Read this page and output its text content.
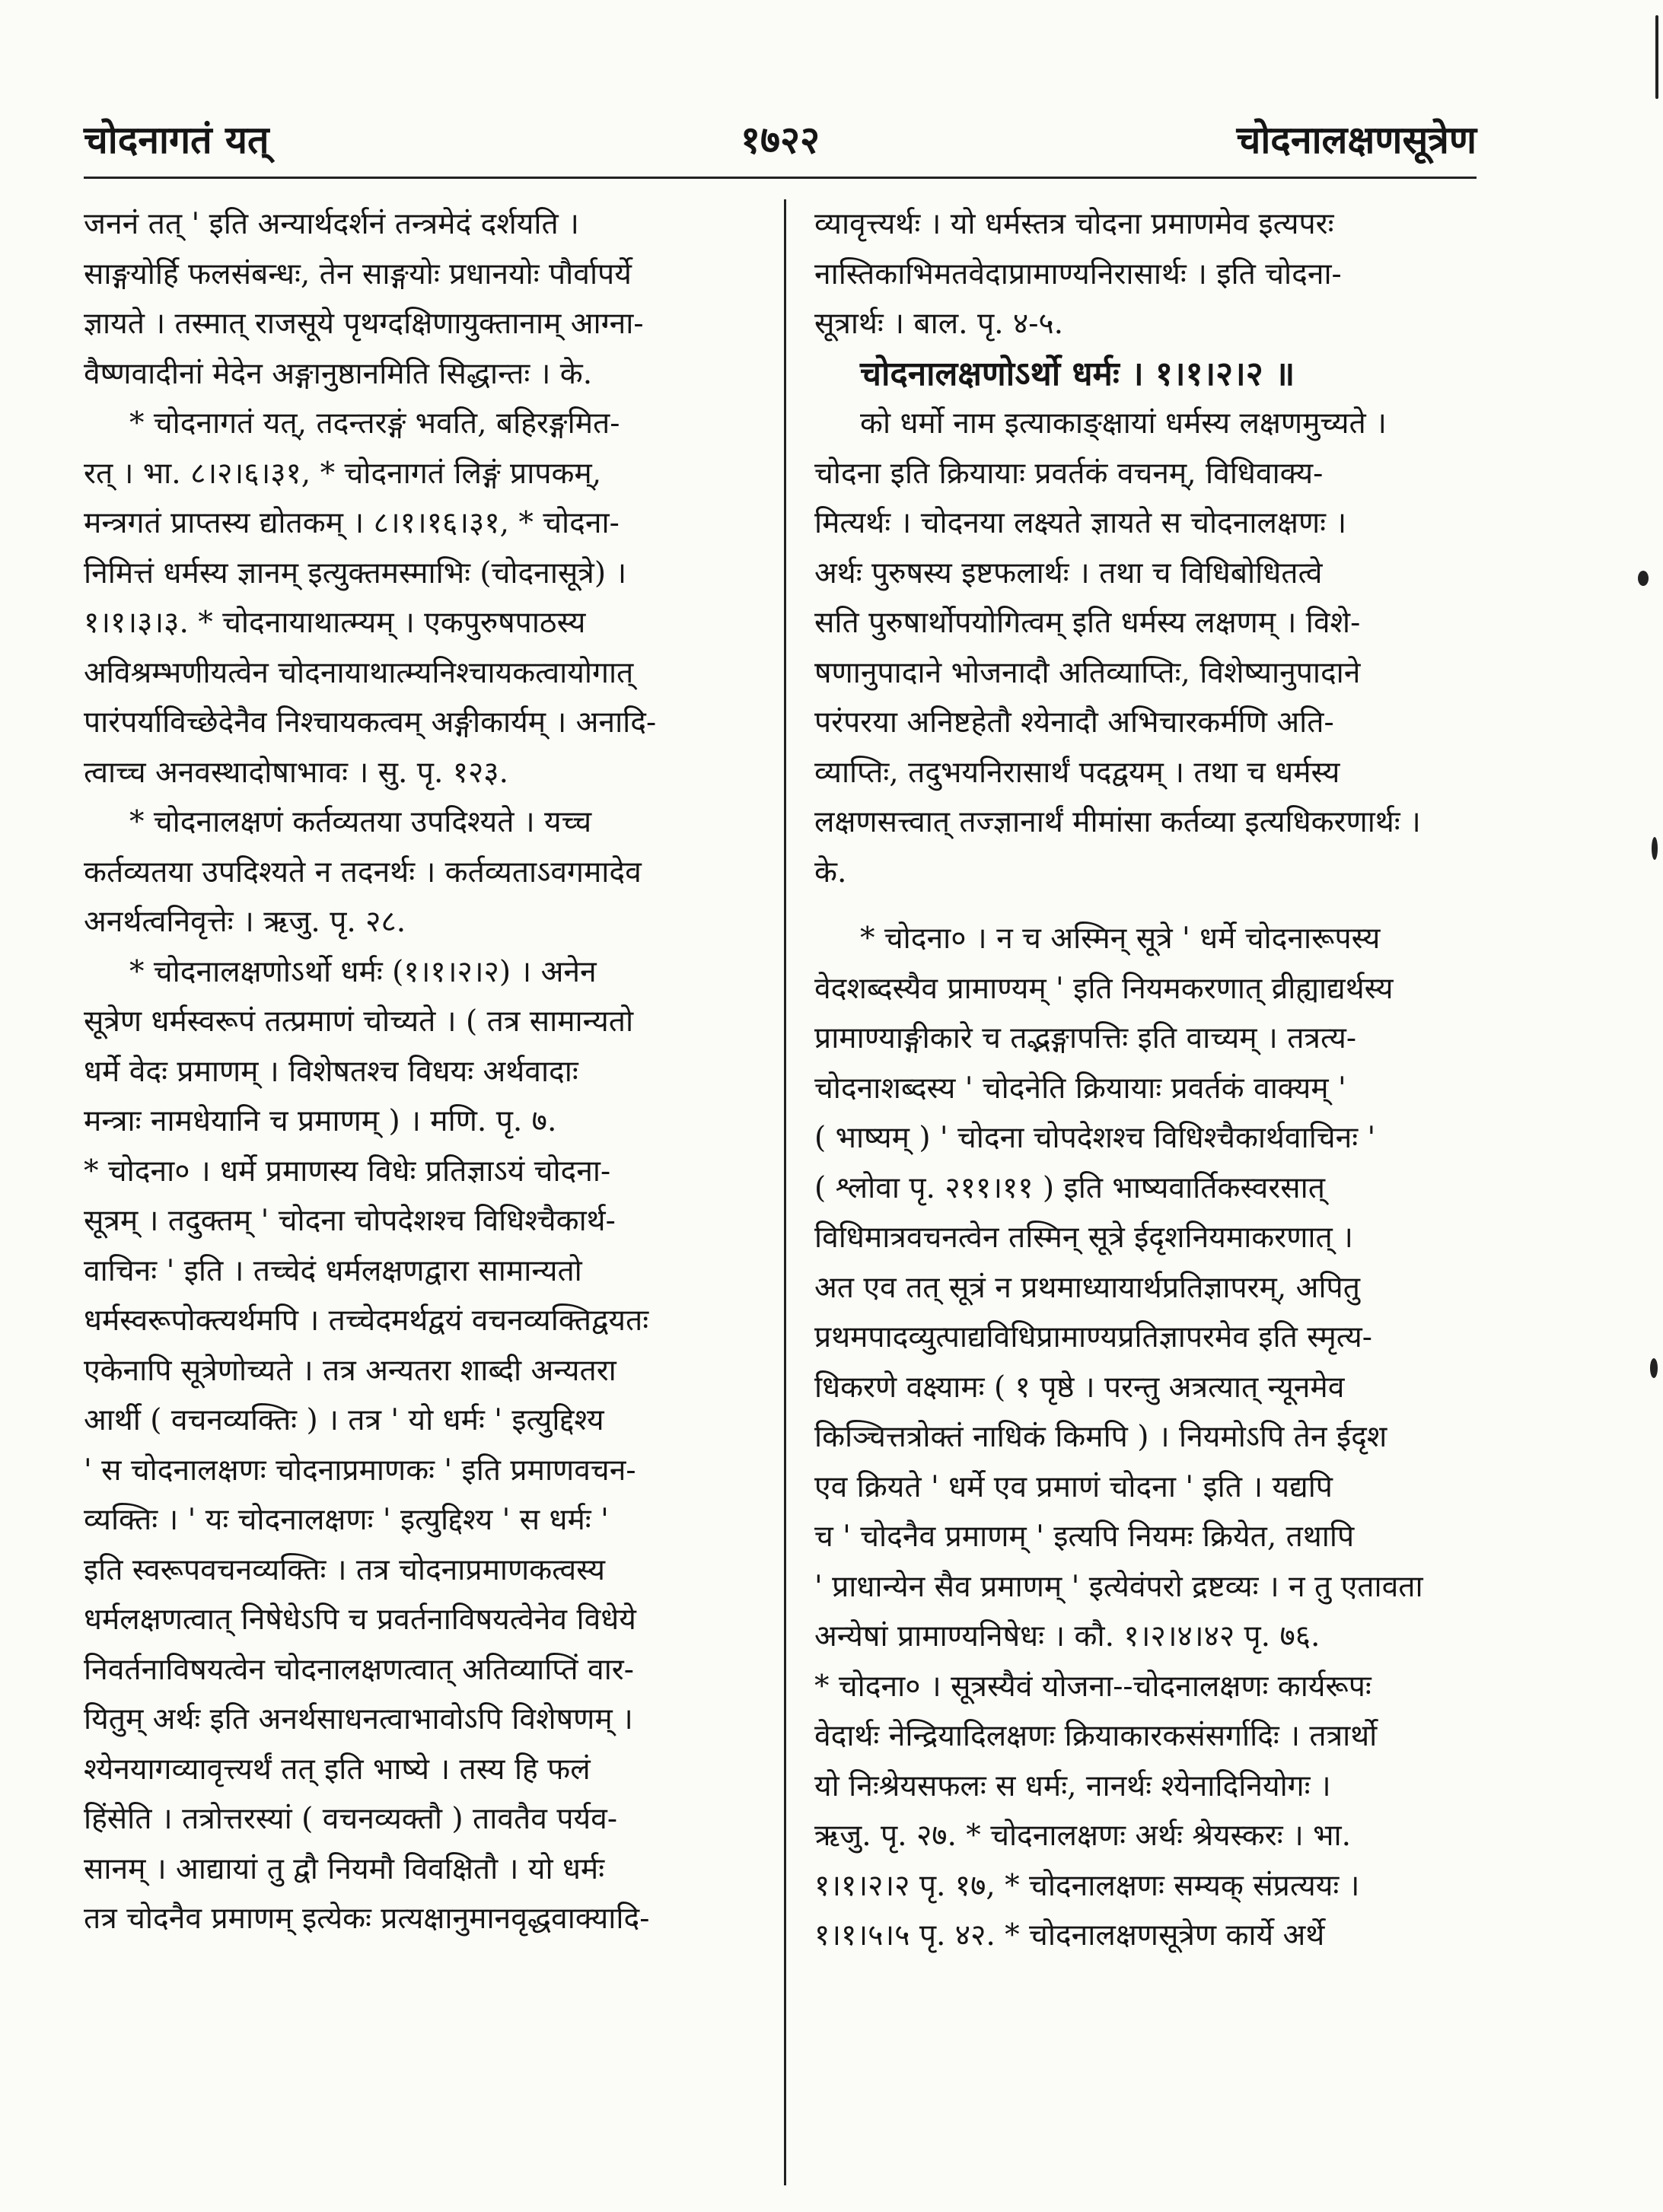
चोदनागतं यत्	१७२२	चोदनालक्षणसूत्रेण
जननं तत् ' इति अन्यार्थदर्शनं तन्त्रमेदं दर्शयति ।
साङ्गयोर्हि फलसंबन्धः, तेन साङ्गयोः प्रधानयोः पौर्वापर्ये
ज्ञायते । तस्मात् राजसूये पृथग्दक्षिणायुक्तानाम् आग्ना-
वैष्णवादीनां मेदेन अङ्गानुष्ठानमिति सिद्धान्तः । के.
* चोदनागतं यत्, तदन्तरङ्गं भवति, बहिरङ्गमित-
रत् । भा. ८।२।६।३१, * चोदनागतं लिङ्गं प्रापकम्,
मन्त्रगतं प्राप्तस्य द्योतकम् । ८।१।१६।३१, * चोदना-
निमित्तं धर्मस्य ज्ञानम् इत्युक्तमस्माभिः (चोदनासूत्रे) ।
१।१।३।३. * चोदनायाथात्म्यम् । एकपुरुषपाठस्य
अविश्रम्भणीयत्वेन चोदनायाथात्म्यनिश्चायकत्वायोगात्
पारंपर्याविच्छेदेनैव निश्चायकत्वम् अङ्गीकार्यम् । अनादि-
त्वाच्च अनवस्थादोषाभावः । सु. पृ. १२३.
* चोदनालक्षणं कर्तव्यतया उपदिश्यते । यच्च
कर्तव्यतया उपदिश्यते न तदनर्थः । कर्तव्यताऽवगमादेव
अनर्थत्वनिवृत्तेः । ऋजु. पृ. २८.
* चोदनालक्षणोऽर्थो धर्मः (१।१।२।२) । अनेन
सूत्रेण धर्मस्वरूपं तत्प्रमाणं चोच्यते । ( तत्र सामान्यतो
धर्मे वेदः प्रमाणम् । विशेषतश्च विधयः अर्थवादाः
मन्त्राः नामधेयानि च प्रमाणम् ) । मणि. पृ. ७.
* चोदना० । धर्मे प्रमाणस्य विधेः प्रतिज्ञाऽयं चोदना-
सूत्रम् । तदुक्तम् ' चोदना चोपदेशश्च विधिश्चैकार्थ-
वाचिनः ' इति । तच्चेदं धर्मलक्षणद्वारा सामान्यतो
धर्मस्वरूपोक्त्यर्थमपि । तच्चेदमर्थद्वयं वचनव्यक्तिद्वयतः
एकेनापि सूत्रेणोच्यते । तत्र अन्यतरा शाब्दी अन्यतरा
आर्थी ( वचनव्यक्तिः ) । तत्र ' यो धर्मः ' इत्युद्दिश्य
' स चोदनालक्षणः चोदनाप्रमाणकः ' इति प्रमाणवचन-
व्यक्तिः । ' यः चोदनालक्षणः ' इत्युद्दिश्य ' स धर्मः '
इति स्वरूपवचनव्यक्तिः । तत्र चोदनाप्रमाणकत्वस्य
धर्मलक्षणत्वात् निषेधेऽपि च प्रवर्तनाविषयत्वेनेव विधेये
निवर्तनाविषयत्वेन चोदनालक्षणत्वात् अतिव्याप्तिं वार-
यितुम् अर्थः इति अनर्थसाधनत्वाभावोऽपि विशेषणम् ।
श्येनयागव्यावृत्त्यर्थं तत् इति भाष्ये । तस्य हि फलं
हिंसेति । तत्रोत्तरस्यां ( वचनव्यक्तौ ) तावतैव पर्यव-
सानम् । आद्यायां तु द्वौ नियमौ विवक्षितौ । यो धर्मः
तत्र चोदनैव प्रमाणम् इत्येकः प्रत्यक्षानुमानवृद्धवाक्यादि-
व्यावृत्त्यर्थः । यो धर्मस्तत्र चोदना प्रमाणमेव इत्यपरः
नास्तिकाभिमतवेदाप्रामाण्यनिरासार्थः । इति चोदना-
सूत्रार्थः । बाल. पृ. ४-५.
चोदनालक्षणोऽर्थो धर्मः । १।१।२।२ ॥
को धर्मो नाम इत्याकाङ्क्षायां धर्मस्य लक्षणमुच्यते ।
चोदना इति क्रियायाः प्रवर्तकं वचनम्, विधिवाक्य-
मित्यर्थः । चोदनया लक्ष्यते ज्ञायते स चोदनालक्षणः ।
अर्थः पुरुषस्य इष्टफलार्थः । तथा च विधिबोधितत्वे
सति पुरुषार्थोपयोगित्वम् इति धर्मस्य लक्षणम् । विशे-
षणानुपादाने भोजनादौ अतिव्याप्तिः, विशेष्यानुपादाने
परंपरया अनिष्टहेतौ श्येनादौ अभिचारकर्मणि अति-
व्याप्तिः, तदुभयनिरासार्थं पदद्वयम् । तथा च धर्मस्य
लक्षणसत्त्वात् तज्ज्ञानार्थं मीमांसा कर्तव्या इत्यधिकरणार्थः ।
के.
* चोदना० । न च अस्मिन् सूत्रे ' धर्मे चोदनारूपस्य
वेदशब्दस्यैव प्रामाण्यम् ' इति नियमकरणात् व्रीह्याद्यर्थस्य
प्रामाण्याङ्गीकारे च तद्भङ्गापत्तिः इति वाच्यम् । तत्रत्य-
चोदनाशब्दस्य ' चोदनेति क्रियायाः प्रवर्तकं वाक्यम् '
( भाष्यम् ) ' चोदना चोपदेशश्च विधिश्चैकार्थवाचिनः '
( श्लोवा पृ. २११।११ ) इति भाष्यवार्तिकस्वरसात्
विधिमात्रवचनत्वेन तस्मिन् सूत्रे ईदृशनियमाकरणात् ।
अत एव तत् सूत्रं न प्रथमाध्यायार्थप्रतिज्ञापरम्, अपितु
प्रथमपादव्युत्पाद्यविधिप्रामाण्यप्रतिज्ञापरमेव इति स्मृत्य-
धिकरणे वक्ष्यामः ( १ पृष्ठे । परन्तु अत्रत्यात् न्यूनमेव
किञ्चित्तत्रोक्तं नाधिकं किमपि ) । नियमोऽपि तेन ईदृश
एव क्रियते ' धर्मे एव प्रमाणं चोदना ' इति । यद्यपि
च ' चोदनैव प्रमाणम् ' इत्यपि नियमः क्रियेत, तथापि
' प्राधान्येन सैव प्रमाणम् ' इत्येवंपरो द्रष्टव्यः । न तु एतावता
अन्येषां प्रामाण्यनिषेधः । कौ. १।२।४।४२ पृ. ७६.
* चोदना० । सूत्रस्यैवं योजना--चोदनालक्षणः कार्यरूपः
वेदार्थः नेन्द्रियादिलक्षणः क्रियाकारकसंसर्गादिः । तत्रार्थो
यो निःश्रेयसफलः स धर्मः, नानर्थः श्येनादिनियोगः ।
ऋजु. पृ. २७. * चोदनालक्षणः अर्थः श्रेयस्करः । भा.
१।१।२।२ पृ. १७, * चोदनालक्षणः सम्यक् संप्रत्ययः ।
१।१।५।५ पृ. ४२. * चोदनालक्षणसूत्रेण कार्ये अर्थे
